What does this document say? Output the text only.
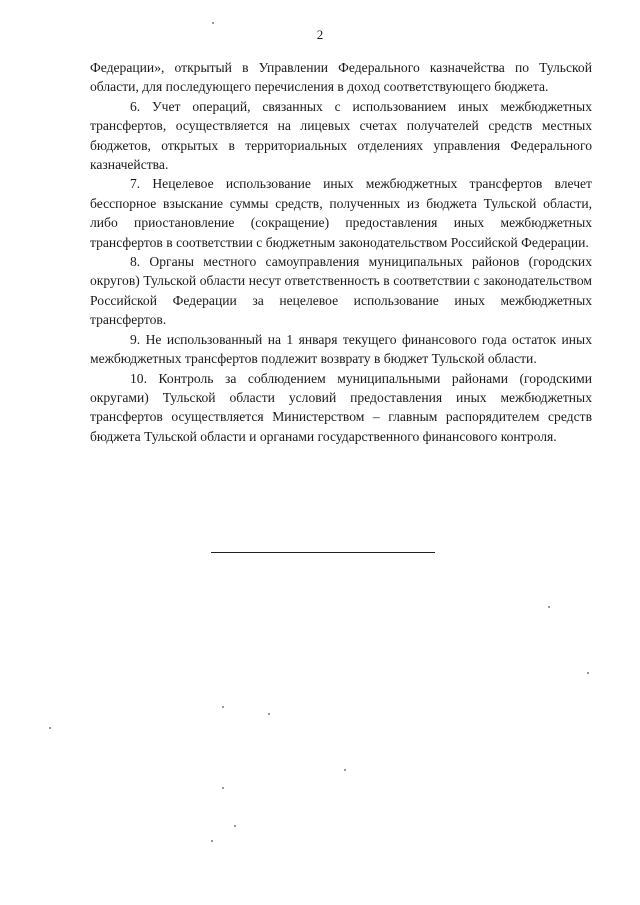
2

Федерации», открытый в Управлении Федерального казначейства по Тульской области, для последующего перечисления в доход соответствующего бюджета.

6. Учет операций, связанных с использованием иных межбюджетных трансфертов, осуществляется на лицевых счетах получателей средств местных бюджетов, открытых в территориальных отделениях управления Федерального казначейства.

7. Нецелевое использование иных межбюджетных трансфертов влечет бесспорное взыскание суммы средств, полученных из бюджета Тульской области, либо приостановление (сокращение) предоставления иных межбюджетных трансфертов в соответствии с бюджетным законодательством Российской Федерации.

8. Органы местного самоуправления муниципальных районов (городских округов) Тульской области несут ответственность в соответствии с законодательством Российской Федерации за нецелевое использование иных межбюджетных трансфертов.

9. Не использованный на 1 января текущего финансового года остаток иных межбюджетных трансфертов подлежит возврату в бюджет Тульской области.

10. Контроль за соблюдением муниципальными районами (городскими округами) Тульской области условий предоставления иных межбюджетных трансфертов осуществляется Министерством – главным распорядителем средств бюджета Тульской области и органами государственного финансового контроля.
